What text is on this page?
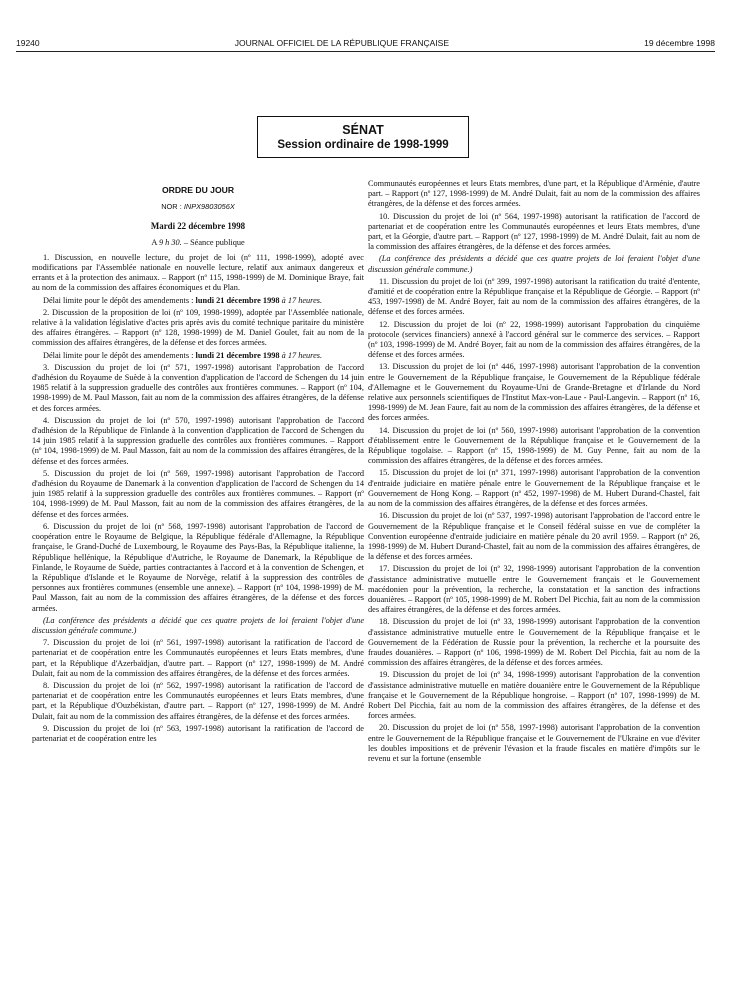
19240	JOURNAL OFFICIEL DE LA RÉPUBLIQUE FRANÇAISE	19 décembre 1998
SÉNAT
Session ordinaire de 1998-1999
ORDRE DU JOUR
NOR : INPX9803056X
Mardi 22 décembre 1998
A 9 h 30. – Séance publique

1. Discussion, en nouvelle lecture, du projet de loi (nº 111, 1998-1999), adopté avec modifications par l'Assemblée nationale en nouvelle lecture, relatif aux animaux dangereux et errants et à la protection des animaux. – Rapport (nº 115, 1998-1999) de M. Dominique Braye, fait au nom de la commission des affaires économiques et du Plan.

Délai limite pour le dépôt des amendements : lundi 21 décembre 1998 à 17 heures.

2. Discussion de la proposition de loi (nº 109, 1998-1999), adoptée par l'Assemblée nationale, relative à la validation législative d'actes pris après avis du comité technique paritaire du ministère des affaires étrangères. – Rapport (nº 128, 1998-1999) de M. Daniel Goulet, fait au nom de la commission des affaires étrangères, de la défense et des forces armées.

Délai limite pour le dépôt des amendements : lundi 21 décembre 1998 à 17 heures.

3. Discussion du projet de loi (nº 571, 1997-1998) autorisant l'approbation de l'accord d'adhésion du Royaume de Suède à la convention d'application de l'accord de Schengen du 14 juin 1985 relatif à la suppression graduelle des contrôles aux frontières communes. – Rapport (nº 104, 1998-1999) de M. Paul Masson, fait au nom de la commission des affaires étrangères, de la défense et des forces armées.

4. Discussion du projet de loi (nº 570, 1997-1998) autorisant l'approbation de l'accord d'adhésion de la République de Finlande à la convention d'application de l'accord de Schengen du 14 juin 1985 relatif à la suppression graduelle des contrôles aux frontières communes. – Rapport (nº 104, 1998-1999) de M. Paul Masson, fait au nom de la commission des affaires étrangères, de la défense et des forces armées.

5. Discussion du projet de loi (nº 569, 1997-1998) autorisant l'approbation de l'accord d'adhésion du Royaume de Danemark à la convention d'application de l'accord de Schengen du 14 juin 1985 relatif à la suppression graduelle des contrôles aux frontières communes. – Rapport (nº 104, 1998-1999) de M. Paul Masson, fait au nom de la commission des affaires étrangères, de la défense et des forces armées.

6. Discussion du projet de loi (nº 568, 1997-1998) autorisant l'approbation de l'accord de coopération entre le Royaume de Belgique, la République fédérale d'Allemagne, la République française, le Grand-Duché de Luxembourg, le Royaume des Pays-Bas, la République italienne, la République hellénique, la République d'Autriche, le Royaume de Danemark, la République de Finlande, le Royaume de Suède, parties contractantes à l'accord et à la convention de Schengen, et la République d'Islande et le Royaume de Norvège, relatif à la suppression des contrôles de personnes aux frontières communes (ensemble une annexe). – Rapport (nº 104, 1998-1999) de M. Paul Masson, fait au nom de la commission des affaires étrangères, de la défense et des forces armées.

(La conférence des présidents a décidé que ces quatre projets de loi feraient l'objet d'une discussion générale commune.)

7. Discussion du projet de loi (nº 561, 1997-1998) autorisant la ratification de l'accord de partenariat et de coopération entre les Communautés européennes et leurs Etats membres, d'une part, et la République d'Azerbaïdjan, d'autre part. – Rapport (nº 127, 1998-1999) de M. André Dulait, fait au nom de la commission des affaires étrangères, de la défense et des forces armées.

8. Discussion du projet de loi (nº 562, 1997-1998) autorisant la ratification de l'accord de partenariat et de coopération entre les Communautés européennes et leurs Etats membres, d'une part, et la République d'Ouzbékistan, d'autre part. – Rapport (nº 127, 1998-1999) de M. André Dulait, fait au nom de la commission des affaires étrangères, de la défense et des forces armées.

9. Discussion du projet de loi (nº 563, 1997-1998) autorisant la ratification de l'accord de partenariat et de coopération entre les

Communautés européennes et leurs Etats membres, d'une part, et la République d'Arménie, d'autre part. – Rapport (nº 127, 1998-1999) de M. André Dulait, fait au nom de la commission des affaires étrangères, de la défense et des forces armées.

10. Discussion du projet de loi (nº 564, 1997-1998) autorisant la ratification de l'accord de partenariat et de coopération entre les Communautés européennes et leurs Etats membres, d'une part, et la Géorgie, d'autre part. – Rapport (nº 127, 1998-1999) de M. André Dulait, fait au nom de la commission des affaires étrangères, de la défense et des forces armées.

(La conférence des présidents a décidé que ces quatre projets de loi feraient l'objet d'une discussion générale commune.)

11. Discussion du projet de loi (nº 399, 1997-1998) autorisant la ratification du traité d'entente, d'amitié et de coopération entre la République française et la République de Géorgie. – Rapport (nº 453, 1997-1998) de M. André Boyer, fait au nom de la commission des affaires étrangères, de la défense et des forces armées.

12. Discussion du projet de loi (nº 22, 1998-1999) autorisant l'approbation du cinquième protocole (services financiers) annexé à l'accord général sur le commerce des services. – Rapport (nº 103, 1998-1999) de M. André Boyer, fait au nom de la commission des affaires étrangères, de la défense et des forces armées.

13. Discussion du projet de loi (nº 446, 1997-1998) autorisant l'approbation de la convention entre le Gouvernement de la République française, le Gouvernement de la République fédérale d'Allemagne et le Gouvernement du Royaume-Uni de Grande-Bretagne et d'Irlande du Nord relative aux personnels scientifiques de l'Institut Max-von-Laue - Paul-Langevin. – Rapport (nº 16, 1998-1999) de M. Jean Faure, fait au nom de la commission des affaires étrangères, de la défense et des forces armées.

14. Discussion du projet de loi (nº 560, 1997-1998) autorisant l'approbation de la convention d'établissement entre le Gouvernement de la République française et le Gouvernement de la République togolaise. – Rapport (nº 15, 1998-1999) de M. Guy Penne, fait au nom de la commission des affaires étrangères, de la défense et des forces armées.

15. Discussion du projet de loi (nº 371, 1997-1998) autorisant l'approbation de la convention d'entraide judiciaire en matière pénale entre le Gouvernement de la République française et le Gouvernement de Hong Kong. – Rapport (nº 452, 1997-1998) de M. Hubert Durand-Chastel, fait au nom de la commission des affaires étrangères, de la défense et des forces armées.

16. Discussion du projet de loi (nº 537, 1997-1998) autorisant l'approbation de l'accord entre le Gouvernement de la République française et le Conseil fédéral suisse en vue de compléter la Convention européenne d'entraide judiciaire en matière pénale du 20 avril 1959. – Rapport (nº 26, 1998-1999) de M. Hubert Durand-Chastel, fait au nom de la commission des affaires étrangères, de la défense et des forces armées.

17. Discussion du projet de loi (nº 32, 1998-1999) autorisant l'approbation de la convention d'assistance administrative mutuelle entre le Gouvernement français et le Gouvernement macédonien pour la prévention, la recherche, la constatation et la sanction des infractions douanières. – Rapport (nº 105, 1998-1999) de M. Robert Del Picchia, fait au nom de la commission des affaires étrangères, de la défense et des forces armées.

18. Discussion du projet de loi (nº 33, 1998-1999) autorisant l'approbation de la convention d'assistance administrative mutuelle entre le Gouvernement de la République française et le Gouvernement de la Fédération de Russie pour la prévention, la recherche et la poursuite des fraudes douanières. – Rapport (nº 106, 1998-1999) de M. Robert Del Picchia, fait au nom de la commission des affaires étrangères, de la défense et des forces armées.

19. Discussion du projet de loi (nº 34, 1998-1999) autorisant l'approbation de la convention d'assistance administrative mutuelle en matière douanière entre le Gouvernement de la République française et le Gouvernement de la République hongroise. – Rapport (nº 107, 1998-1999) de M. Robert Del Picchia, fait au nom de la commission des affaires étrangères, de la défense et des forces armées.

20. Discussion du projet de loi (nº 558, 1997-1998) autorisant l'approbation de la convention entre le Gouvernement de la République française et le Gouvernement de l'Ukraine en vue d'éviter les doubles impositions et de prévenir l'évasion et la fraude fiscales en matière d'impôts sur le revenu et sur la fortune (ensemble
